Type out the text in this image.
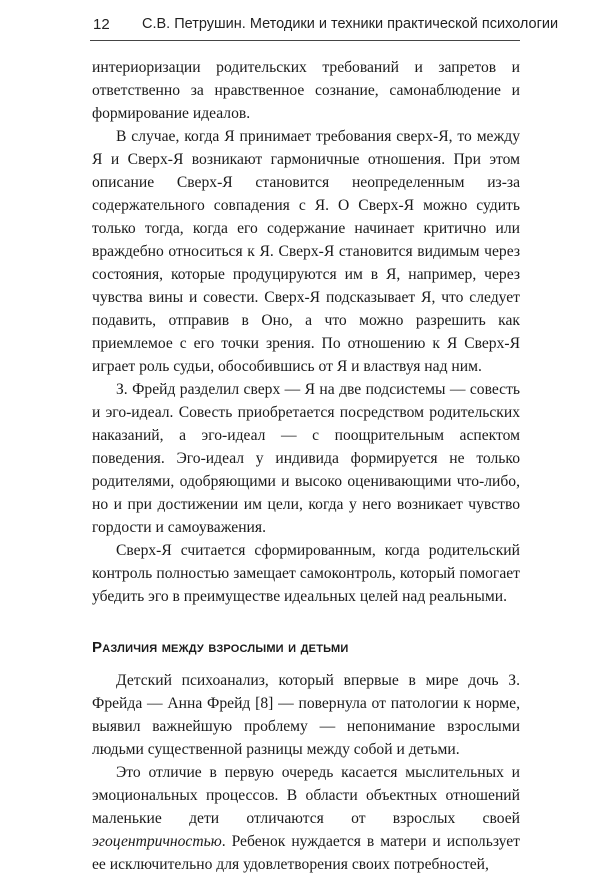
12 С.В. Петрушин. Методики и техники практической психологии

интериоризации родительских требований и запретов и ответственно за нравственное сознание, самонаблюдение и формирование идеалов.

В случае, когда Я принимает требования сверх-Я, то между Я и Сверх-Я возникают гармоничные отношения. При этом описание Сверх-Я становится неопределенным из-за содержательного совпадения с Я. О Сверх-Я можно судить только тогда, когда его содержание начинает критично или враждебно относиться к Я. Сверх-Я становится видимым через состояния, которые продуцируются им в Я, например, через чувства вины и совести. Сверх-Я подсказывает Я, что следует подавить, отправив в Оно, а что можно разрешить как приемлемое с его точки зрения. По отношению к Я Сверх-Я играет роль судьи, обособившись от Я и властвуя над ним.

З. Фрейд разделил сверх — Я на две подсистемы — совесть и эго-идеал. Совесть приобретается посредством родительских наказаний, а эго-идеал — с поощрительным аспектом поведения. Эго-идеал у индивида формируется не только родителями, одобряющими и высоко оценивающими что-либо, но и при достижении им цели, когда у него возникает чувство гордости и самоуважения.

Сверх-Я считается сформированным, когда родительский контроль полностью замещает самоконтроль, который помогает убедить эго в преимуществе идеальных целей над реальными.

Различия между взрослыми и детьми

Детский психоанализ, который впервые в мире дочь З. Фрейда — Анна Фрейд [8] — повернула от патологии к норме, выявил важнейшую проблему — непонимание взрослыми людьми существенной разницы между собой и детьми.

Это отличие в первую очередь касается мыслительных и эмоциональных процессов. В области объектных отношений маленькие дети отличаются от взрослых своей эгоцентричностью. Ребенок нуждается в матери и использует ее исключительно для удовлетворения своих потребностей,
